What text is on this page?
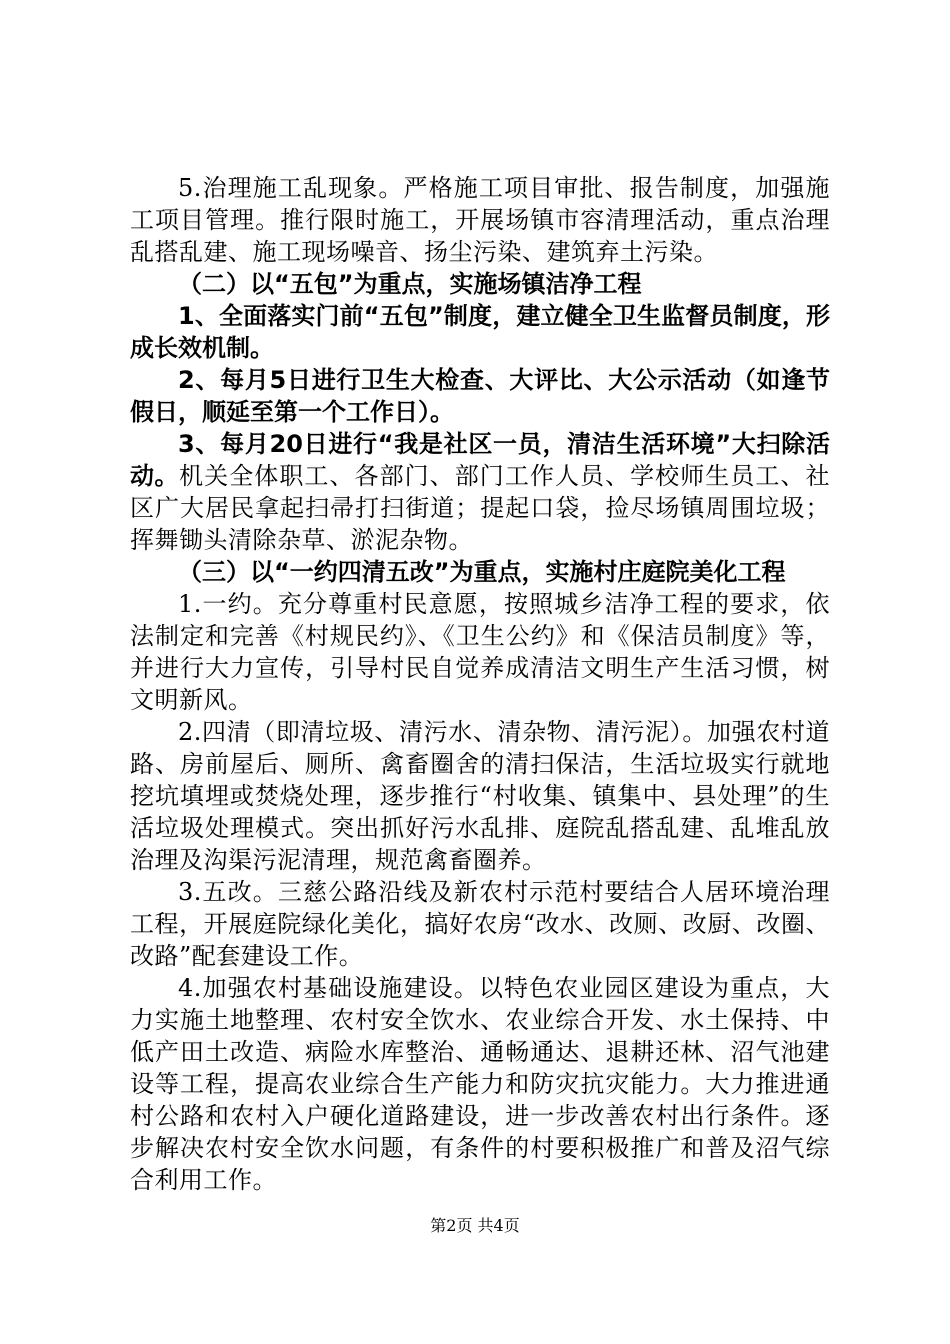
5.治理施工乱现象。严格施工项目审批、报告制度，加强施工项目管理。推行限时施工，开展场镇市容清理活动，重点治理乱搭乱建、施工现场噪音、扬尘污染、建筑弃土污染。

（二）以“五包”为重点，实施场镇洁净工程

1、全面落实门前“五包”制度，建立健全卫生监督员制度，形成长效机制。

2、每月5日进行卫生大检查、大评比、大公示活动（如逢节假日，顺延至第一个工作日）。

3、每月20日进行“我是社区一员，清洁生活环境”大扫除活动。机关全体职工、各部门、部门工作人员、学校师生员工、社区广大居民拿起扫帚打扫街道；提起口袋，捡尽场镇周围垃圾；挥舞锄头清除杂草、淤泥杂物。

（三）以“一约四清五改”为重点，实施村庄庭院美化工程

1.一约。充分尊重村民意愿，按照城乡洁净工程的要求，依法制定和完善《村规民约》、《卫生公约》和《保洁员制度》等，并进行大力宣传，引导村民自觉养成清洁文明生产生活习惯，树文明新风。

2.四清（即清垃圾、清污水、清杂物、清污泥）。加强农村道路、房前屋后、厕所、禽畜圈舍的清扫保洁，生活垃圾实行就地挖坑填埋或焚烧处理，逐步推行“村收集、镇集中、县处理”的生活垃圾处理模式。突出抓好污水乱排、庭院乱搭乱建、乱堆乱放治理及沟渠污泥清理，规范禽畜圈养。

3.五改。三慈公路沿线及新农村示范村要结合人居环境治理工程，开展庭院绿化美化，搞好农房“改水、改厕、改厨、改圈、改路”配套建设工作。

4.加强农村基础设施建设。以特色农业园区建设为重点，大力实施土地整理、农村安全饮水、农业综合开发、水土保持、中低产田土改造、病险水库整治、通畅通达、退耕还林、沼气池建设等工程，提高农业综合生产能力和防灾抗灾能力。大力推进通村公路和农村入户硬化道路建设，进一步改善农村出行条件。逐步解决农村安全饮水问题，有条件的村要积极推广和普及沼气综合利用工作。

第2页 共4页
